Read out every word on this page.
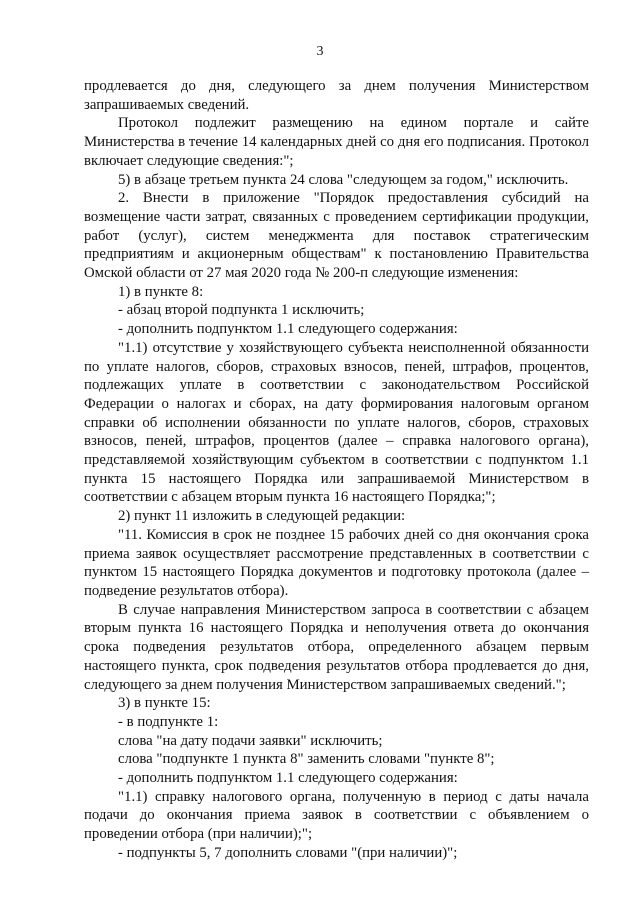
3

продлевается до дня, следующего за днем получения Министерством запрашиваемых сведений.

Протокол подлежит размещению на едином портале и сайте Министерства в течение 14 календарных дней со дня его подписания. Протокол включает следующие сведения:";

5) в абзаце третьем пункта 24 слова "следующем за годом," исключить.

2. Внести в приложение "Порядок предоставления субсидий на возмещение части затрат, связанных с проведением сертификации продукции, работ (услуг), систем менеджмента для поставок стратегическим предприятиям и акционерным обществам" к постановлению Правительства Омской области от 27 мая 2020 года № 200-п следующие изменения:

1) в пункте 8:

- абзац второй подпункта 1 исключить;

- дополнить подпунктом 1.1 следующего содержания:

"1.1) отсутствие у хозяйствующего субъекта неисполненной обязанности по уплате налогов, сборов, страховых взносов, пеней, штрафов, процентов, подлежащих уплате в соответствии с законодательством Российской Федерации о налогах и сборах, на дату формирования налоговым органом справки об исполнении обязанности по уплате налогов, сборов, страховых взносов, пеней, штрафов, процентов (далее – справка налогового органа), представляемой хозяйствующим субъектом в соответствии с подпунктом 1.1 пункта 15 настоящего Порядка или запрашиваемой Министерством в соответствии с абзацем вторым пункта 16 настоящего Порядка;";

2) пункт 11 изложить в следующей редакции:

"11. Комиссия в срок не позднее 15 рабочих дней со дня окончания срока приема заявок осуществляет рассмотрение представленных в соответствии с пунктом 15 настоящего Порядка документов и подготовку протокола (далее – подведение результатов отбора).

В случае направления Министерством запроса в соответствии с абзацем вторым пункта 16 настоящего Порядка и неполучения ответа до окончания срока подведения результатов отбора, определенного абзацем первым настоящего пункта, срок подведения результатов отбора продлевается до дня, следующего за днем получения Министерством запрашиваемых сведений.";

3) в пункте 15:

- в подпункте 1:

слова "на дату подачи заявки" исключить;

слова "подпункте 1 пункта 8" заменить словами "пункте 8";

- дополнить подпунктом 1.1 следующего содержания:

"1.1) справку налогового органа, полученную в период с даты начала подачи до окончания приема заявок в соответствии с объявлением о проведении отбора (при наличии);";

- подпункты 5, 7 дополнить словами "(при наличии)";
